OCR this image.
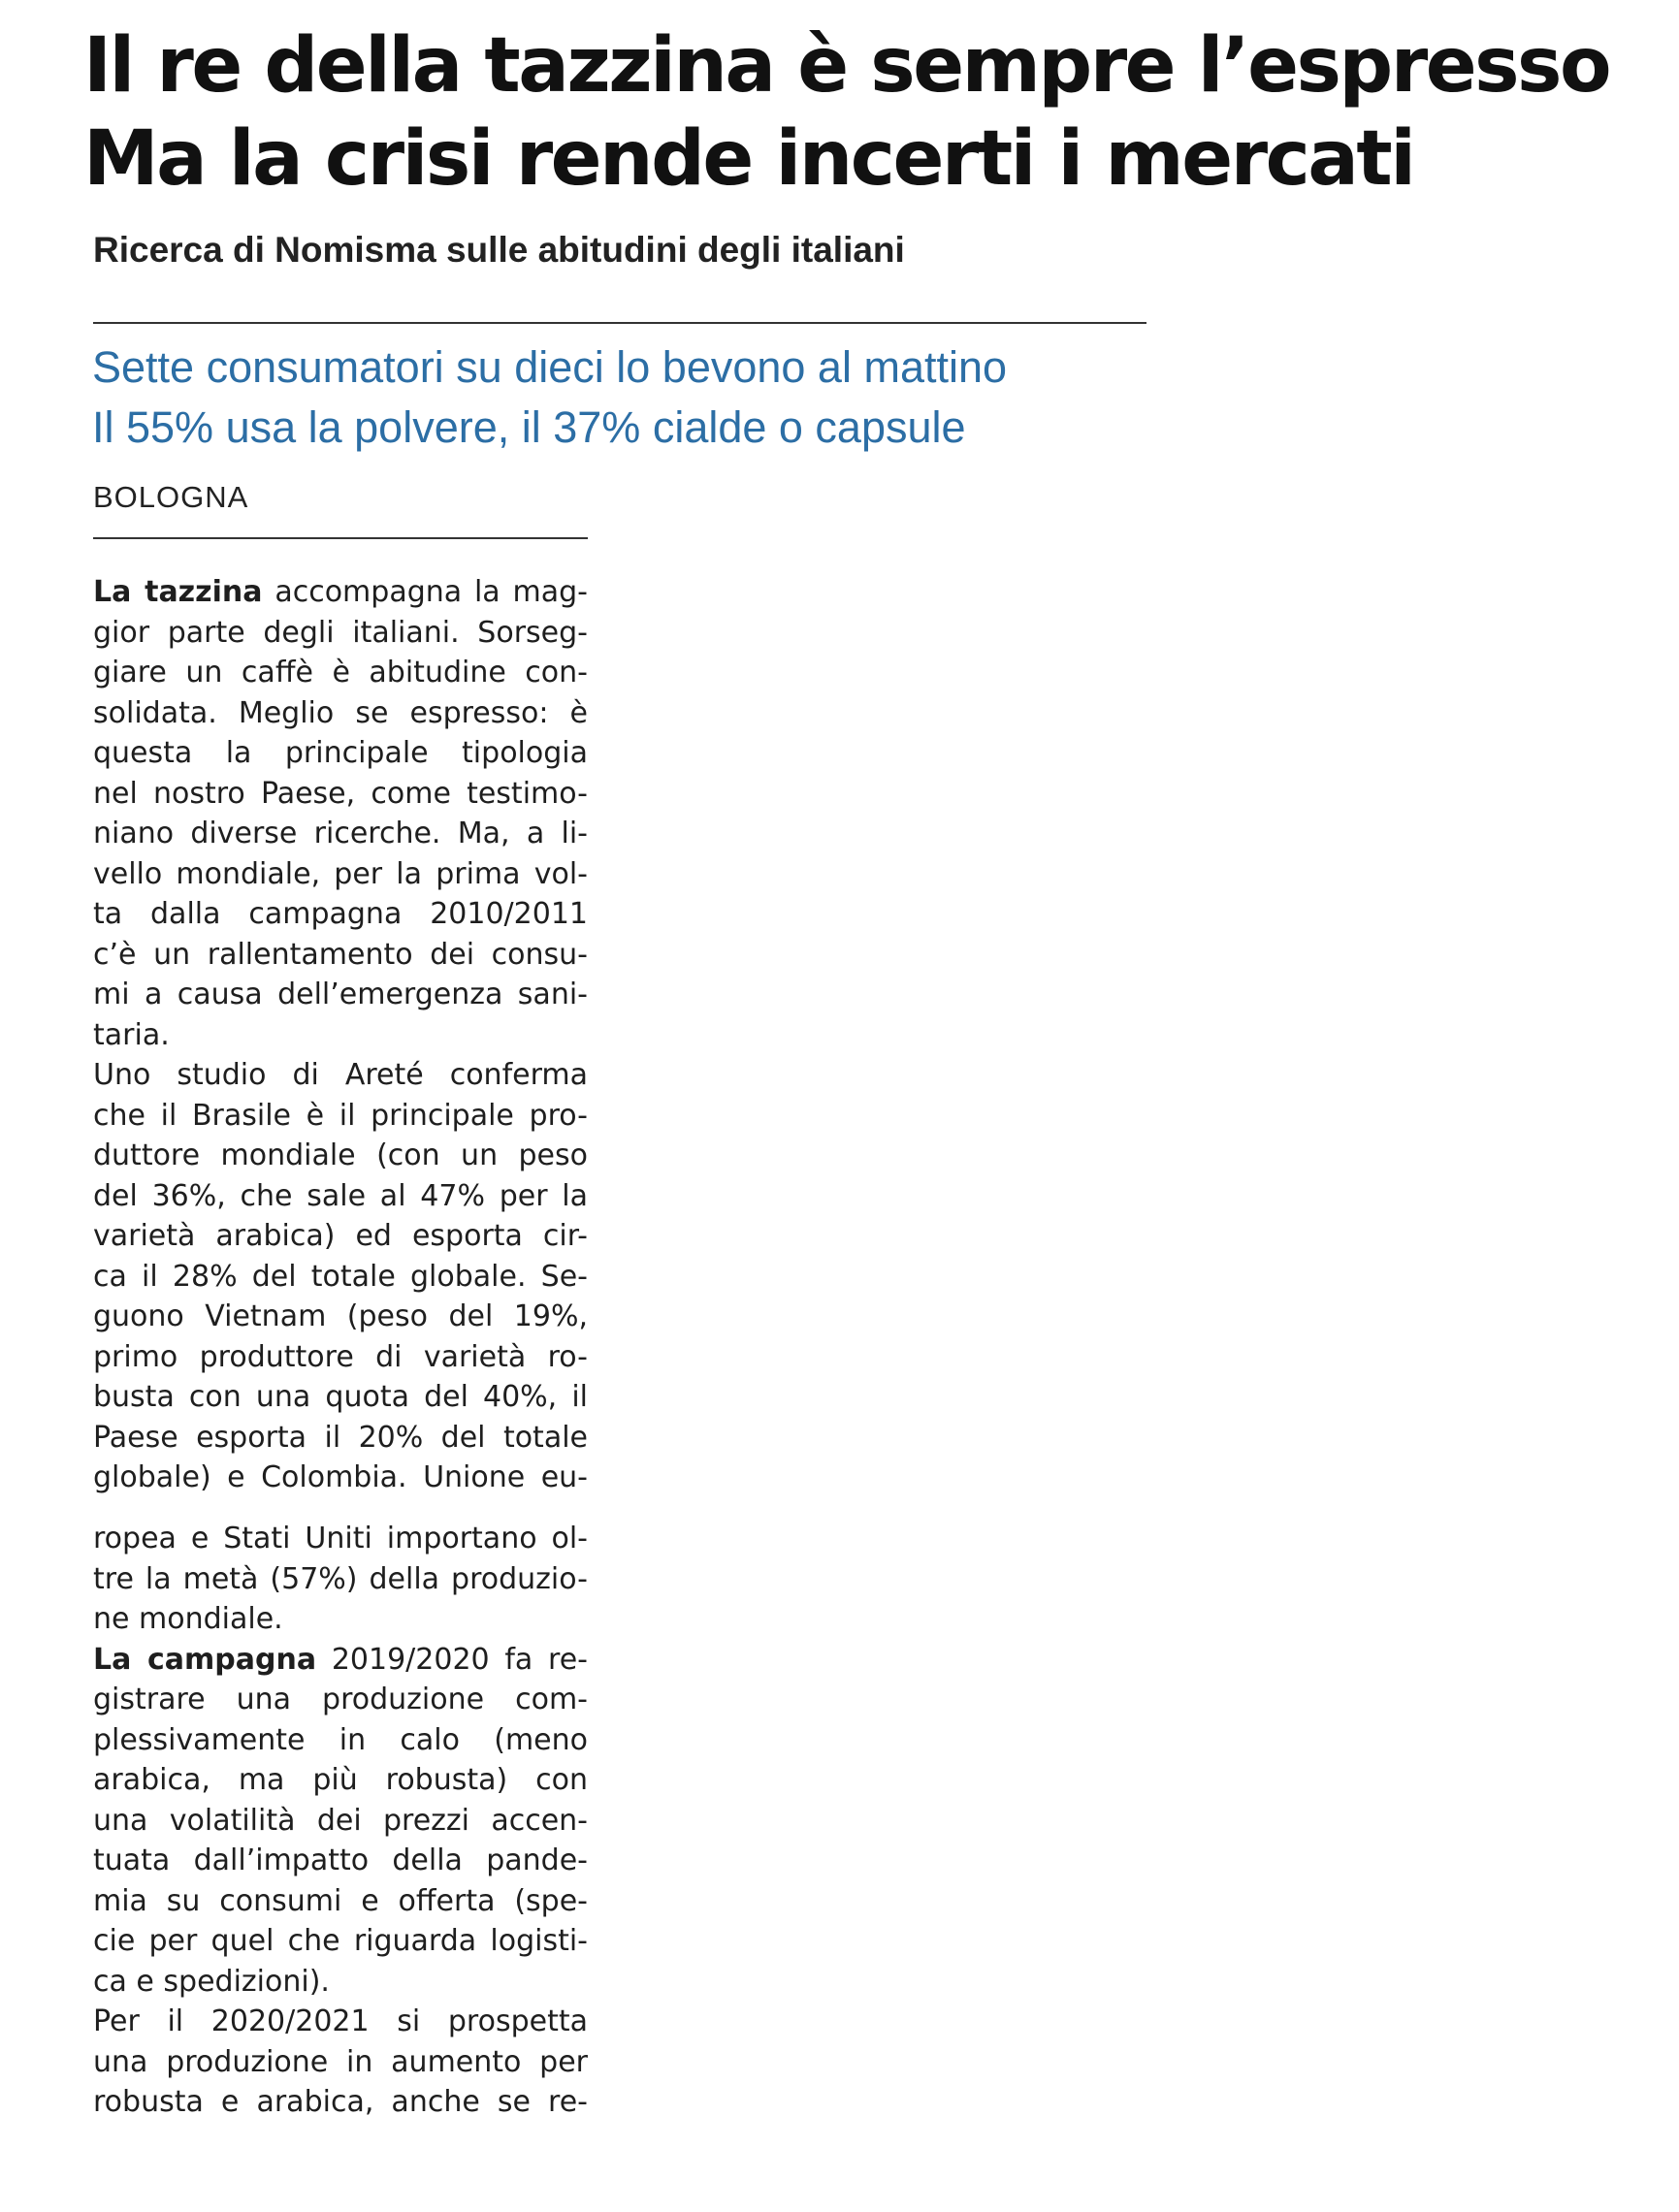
Il re della tazzina è sempre l’espresso
Ma la crisi rende incerti i mercati

Ricerca di Nomisma sulle abitudini degli italiani

Sette consumatori su dieci lo bevono al mattino
Il 55% usa la polvere, il 37% cialde o capsule

BOLOGNA

La tazzina accompagna la mag-
gior parte degli italiani. Sorseg-
giare un caffè è abitudine con-
solidata. Meglio se espresso: è
questa la principale tipologia
nel nostro Paese, come testimo-
niano diverse ricerche. Ma, a li-
vello mondiale, per la prima vol-
ta dalla campagna 2010/2011
c’è un rallentamento dei consu-
mi a causa dell’emergenza sani-
taria.
Uno studio di Areté conferma
che il Brasile è il principale pro-
duttore mondiale (con un peso
del 36%, che sale al 47% per la
varietà arabica) ed esporta cir-
ca il 28% del totale globale. Se-
guono Vietnam (peso del 19%,
primo produttore di varietà ro-
busta con una quota del 40%, il
Paese esporta il 20% del totale
globale) e Colombia. Unione eu-
ropea e Stati Uniti importano ol-
tre la metà (57%) della produzio-
ne mondiale.
La campagna 2019/2020 fa re-
gistrare una produzione com-
plessivamente in calo (meno
arabica, ma più robusta) con
una volatilità dei prezzi accen-
tuata dall’impatto della pande-
mia su consumi e offerta (spe-
cie per quel che riguarda logisti-
ca e spedizioni).
Per il 2020/2021 si prospetta
una produzione in aumento per
robusta e arabica, anche se re-
